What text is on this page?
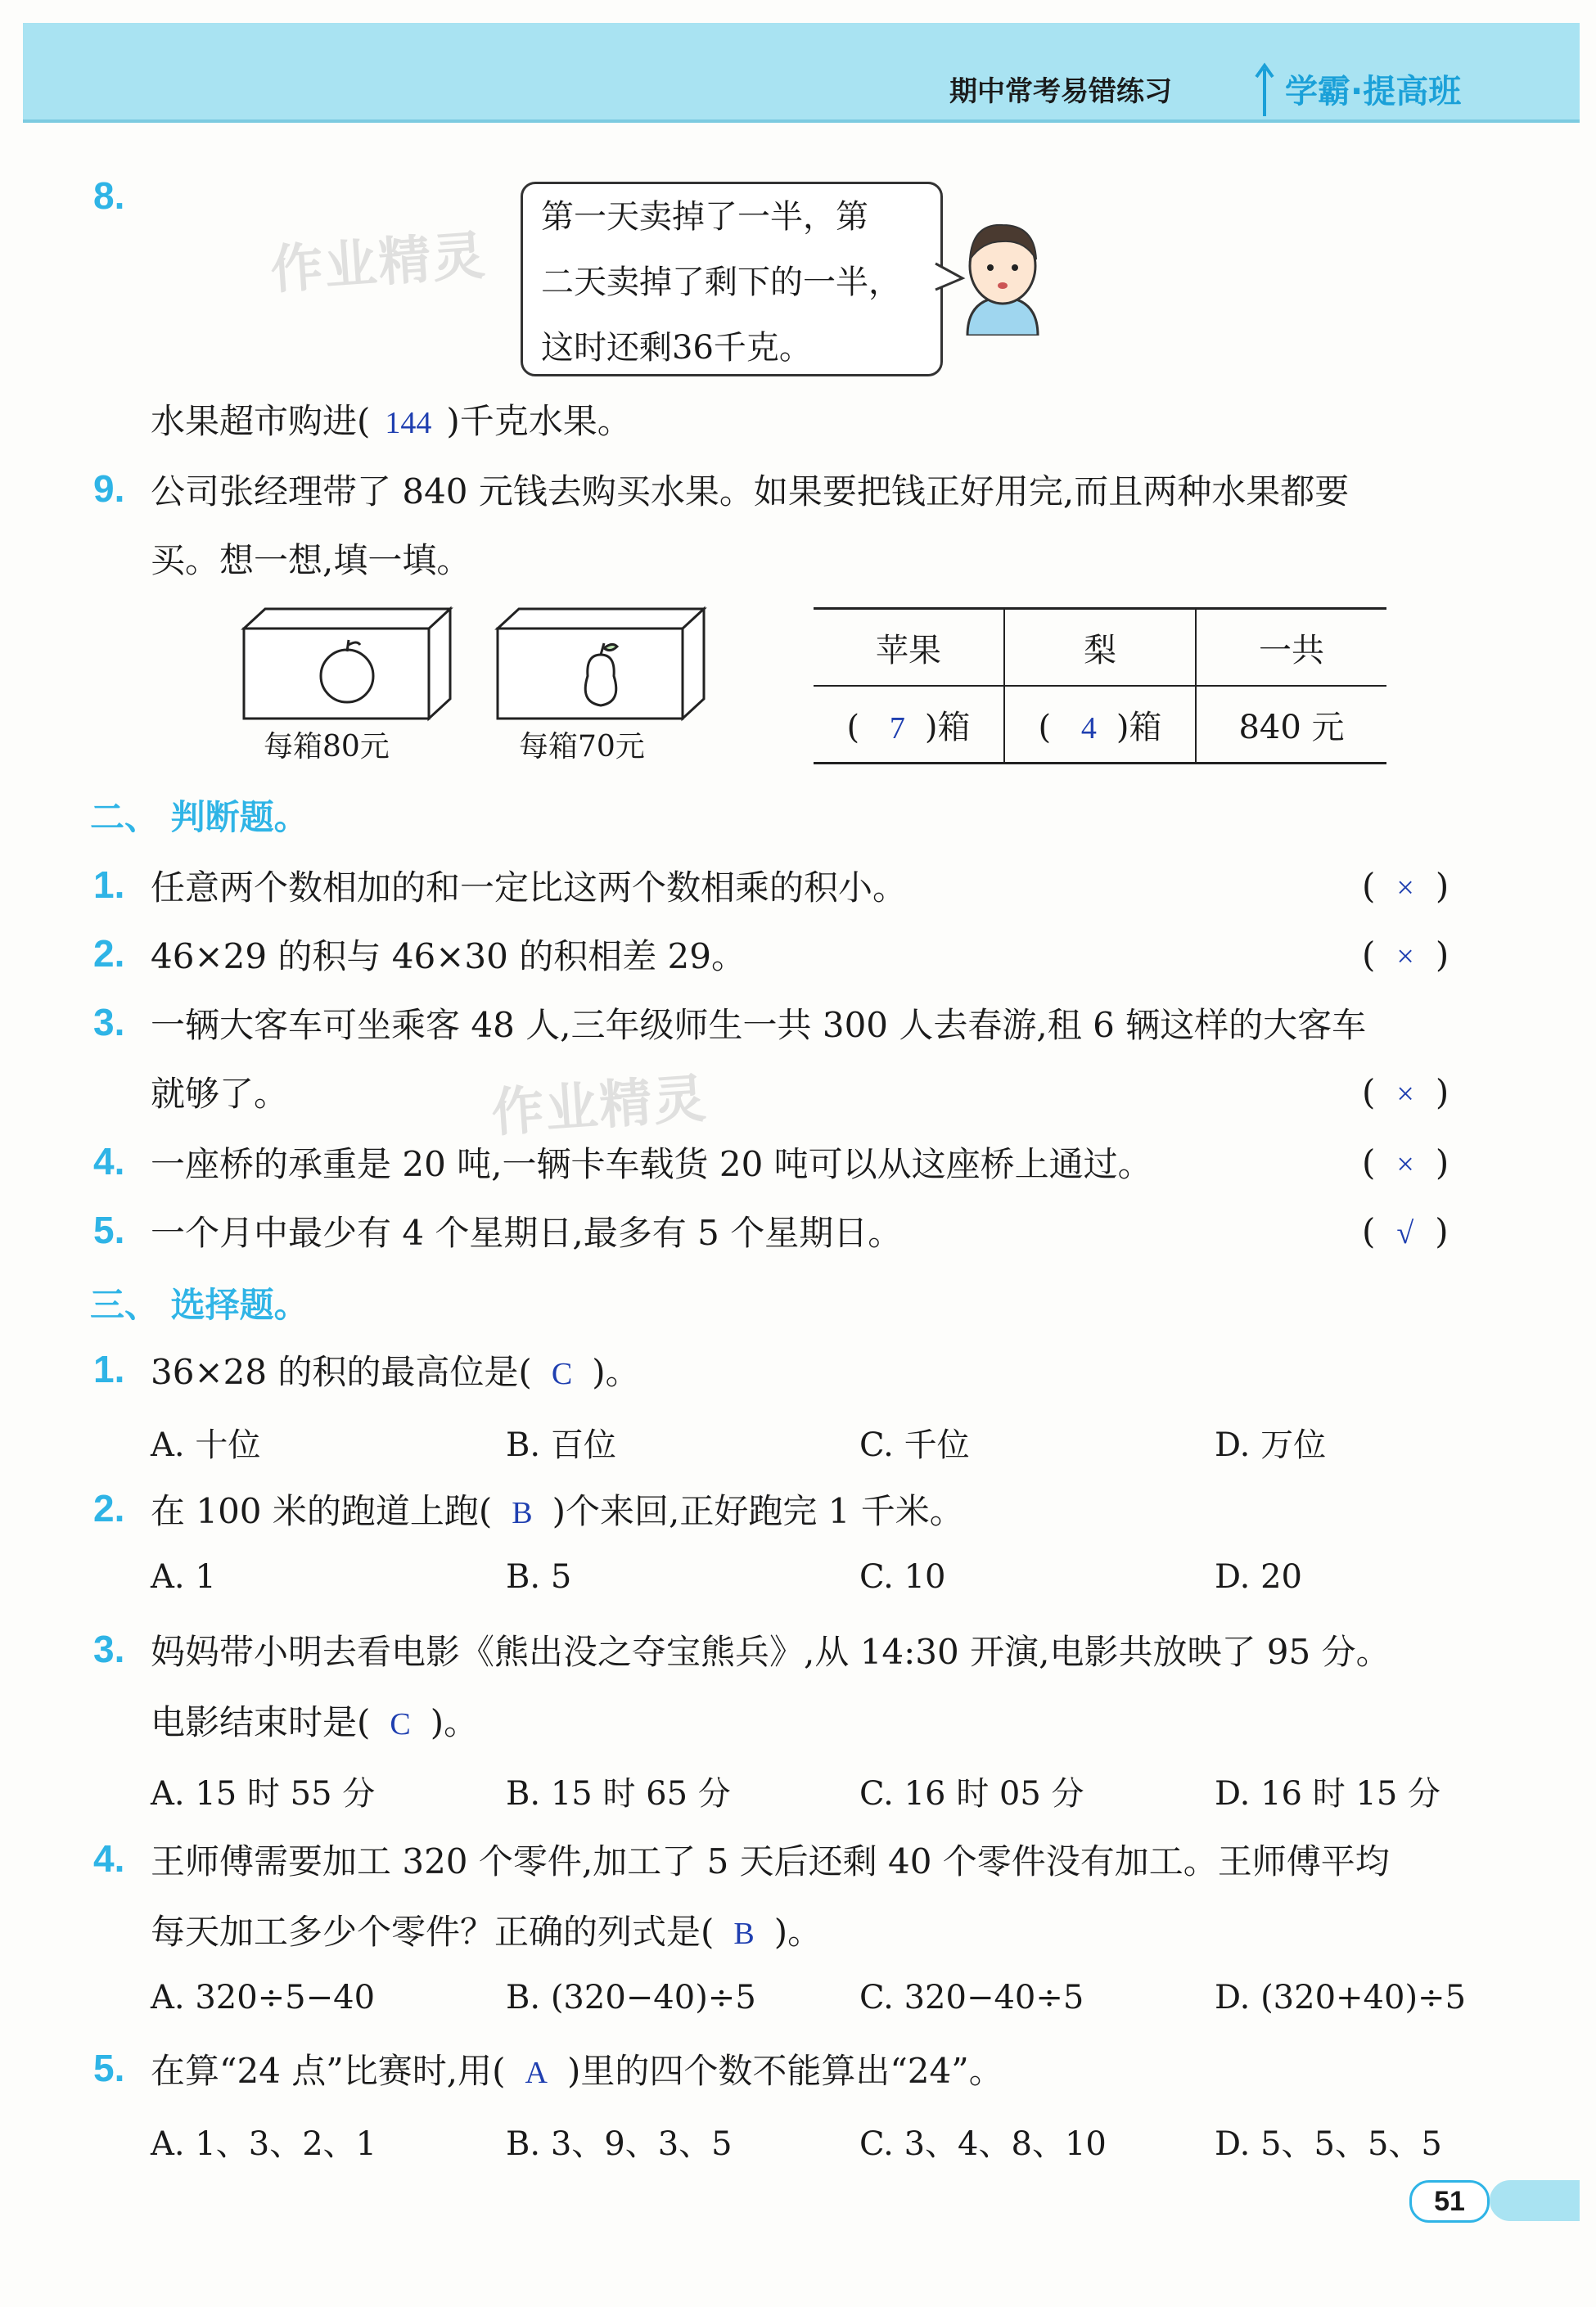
期中常考易错练习	学霸·提高班
作业精灵
作业精灵
8.	第一天卖掉了一半，第
二天卖掉了剩下的一半，
这时还剩36千克。
水果超市购进( 144 )千克水果。
9. 公司张经理带了 840 元钱去购买水果。如果要把钱正好用完,而且两种水果都要
买。想一想,填一填。
每箱80元	每箱70元
苹果	梨	一共
( 7 )箱	( 4 )箱	840 元
二、 判断题。
1. 任意两个数相加的和一定比这两个数相乘的积小。	( × )
2. 46×29 的积与 46×30 的积相差 29。	( × )
3. 一辆大客车可坐乘客 48 人,三年级师生一共 300 人去春游,租 6 辆这样的大客车
就够了。	( × )
4. 一座桥的承重是 20 吨,一辆卡车载货 20 吨可以从这座桥上通过。	( × )
5. 一个月中最少有 4 个星期日,最多有 5 个星期日。	( √ )
三、 选择题。
1. 36×28 的积的最高位是( C )。
A. 十位	B. 百位	C. 千位	D. 万位
2. 在 100 米的跑道上跑( B )个来回,正好跑完 1 千米。
A. 1	B. 5	C. 10	D. 20
3. 妈妈带小明去看电影《熊出没之夺宝熊兵》,从 14:30 开演,电影共放映了 95 分。
电影结束时是( C )。
A. 15 时 55 分	B. 15 时 65 分	C. 16 时 05 分	D. 16 时 15 分
4. 王师傅需要加工 320 个零件,加工了 5 天后还剩 40 个零件没有加工。王师傅平均
每天加工多少个零件？正确的列式是( B )。
A. 320÷5−40	B. (320−40)÷5	C. 320−40÷5	D. (320+40)÷5
5. 在算“24 点”比赛时,用( A )里的四个数不能算出“24”。
A. 1、3、2、1	B. 3、9、3、5	C. 3、4、8、10	D. 5、5、5、5
51
